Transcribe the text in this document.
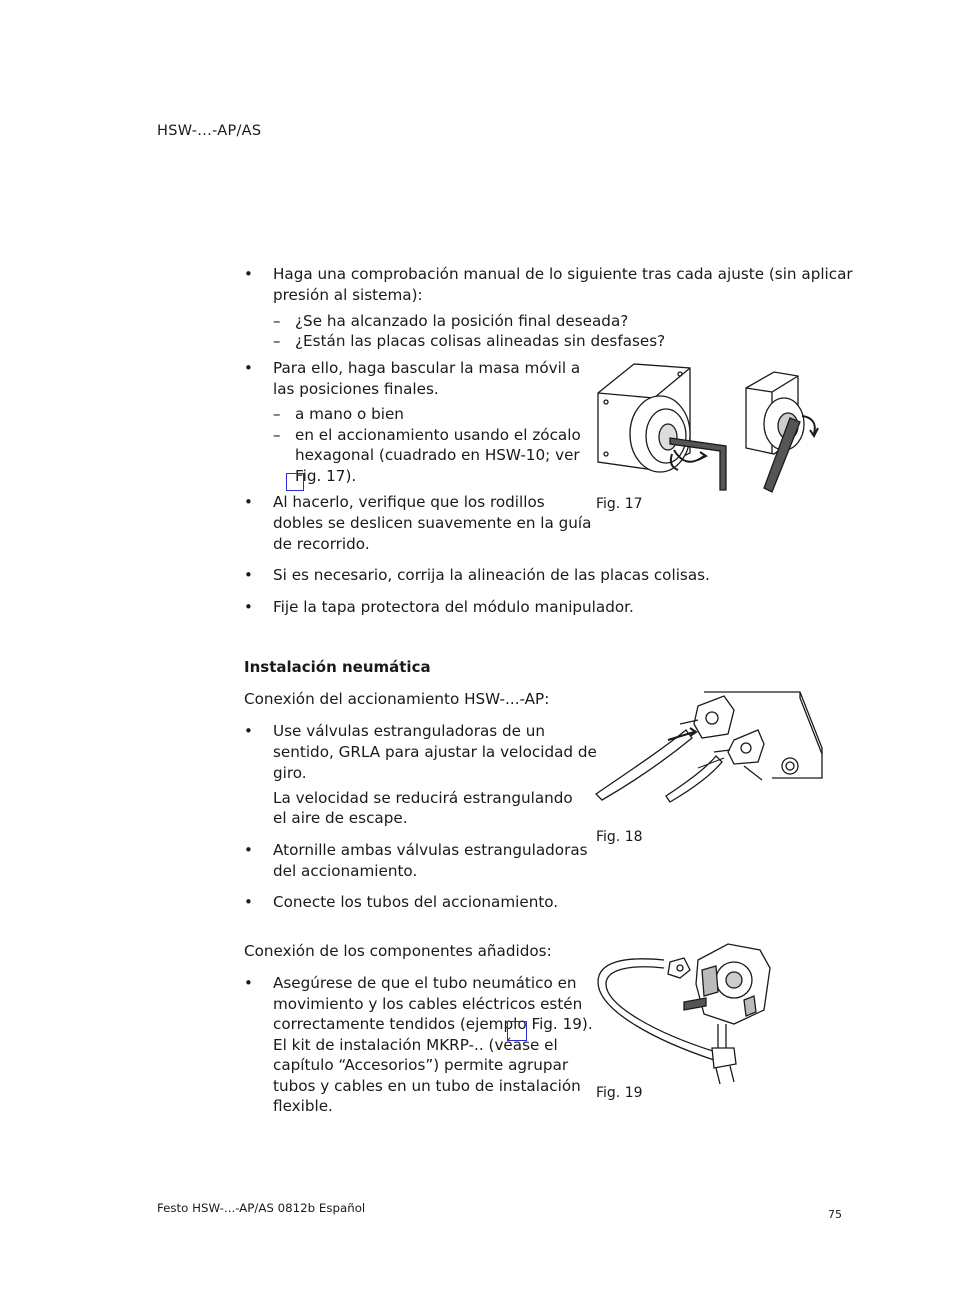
HSW-...-AP/AS
• Haga una comprobación manual de lo siguiente tras cada ajuste (sin aplicar
presión al sistema):
– ¿Se ha alcanzado la posición final deseada?
– ¿Están las placas colisas alineadas sin desfases?
• Para ello, haga bascular la masa móvil a
las posiciones finales.
– a mano o bien
– en el accionamiento usando el zócalo
hexagonal (cuadrado en HSW-10; ver
Fig. 17).
• Al hacerlo, verifique que los rodillos
dobles se deslicen suavemente en la guía
de recorrido.
• Si es necesario, corrija la alineación de las placas colisas.
• Fije la tapa protectora del módulo manipulador.
Fig. 17
Instalación neumática
Conexión del accionamiento HSW-...-AP:
• Use válvulas estranguladoras de un
sentido, GRLA para ajustar la velocidad de
giro.
La velocidad se reducirá estrangulando
el aire de escape.
• Atornille ambas válvulas estranguladoras
del accionamiento.
• Conecte los tubos del accionamiento.
Fig. 18
Conexión de los componentes añadidos:
• Asegúrese de que el tubo neumático en
movimiento y los cables eléctricos estén
correctamente tendidos (ejemplo Fig. 19).
El kit de instalación MKRP-.. (véase el
capítulo “Accesorios”) permite agrupar
tubos y cables en un tubo de instalación
flexible.
Fig. 19
Festo HSW-...-AP/AS 0812b Español	75
